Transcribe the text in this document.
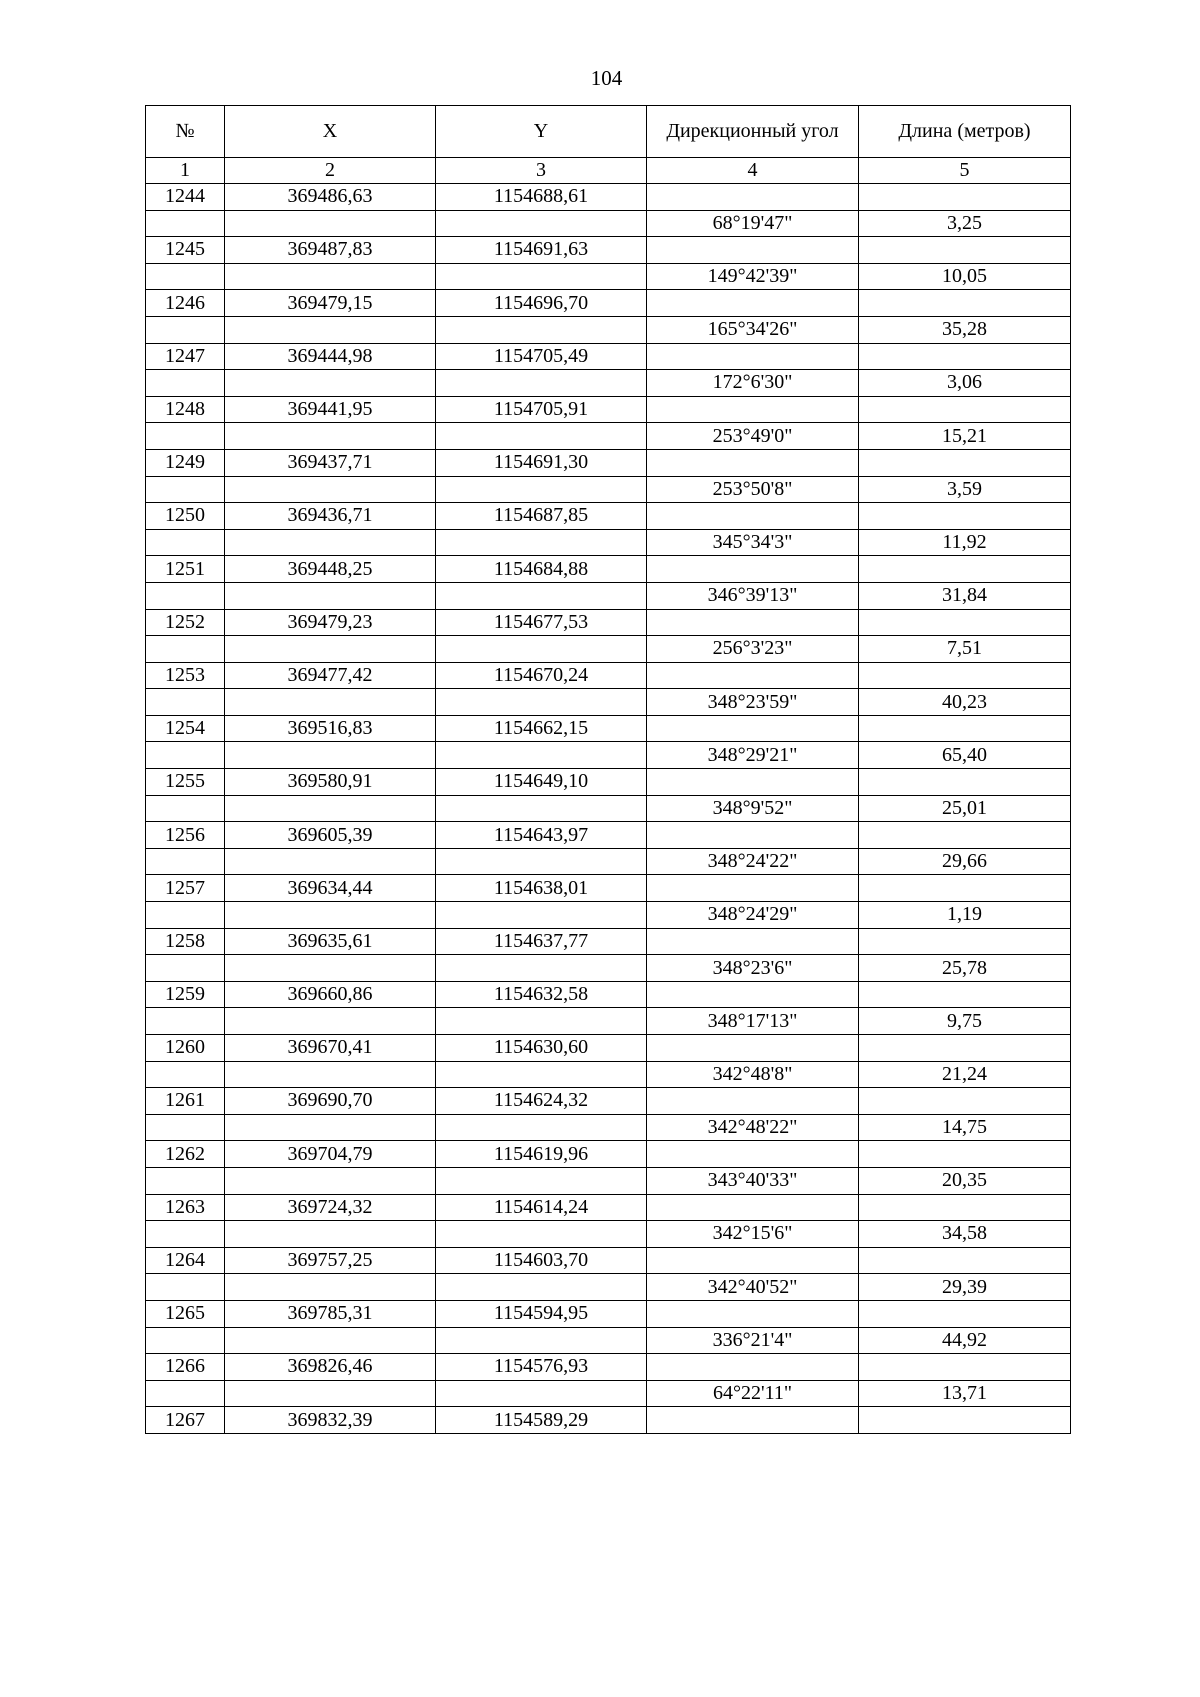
104
№	X	Y	Дирекционный угол	Длина (метров)
1	2	3	4	5
1244	369486,63	1154688,61		
			68°19'47"	3,25
1245	369487,83	1154691,63		
			149°42'39"	10,05
1246	369479,15	1154696,70		
			165°34'26"	35,28
1247	369444,98	1154705,49		
			172°6'30"	3,06
1248	369441,95	1154705,91		
			253°49'0"	15,21
1249	369437,71	1154691,30		
			253°50'8"	3,59
1250	369436,71	1154687,85		
			345°34'3"	11,92
1251	369448,25	1154684,88		
			346°39'13"	31,84
1252	369479,23	1154677,53		
			256°3'23"	7,51
1253	369477,42	1154670,24		
			348°23'59"	40,23
1254	369516,83	1154662,15		
			348°29'21"	65,40
1255	369580,91	1154649,10		
			348°9'52"	25,01
1256	369605,39	1154643,97		
			348°24'22"	29,66
1257	369634,44	1154638,01		
			348°24'29"	1,19
1258	369635,61	1154637,77		
			348°23'6"	25,78
1259	369660,86	1154632,58		
			348°17'13"	9,75
1260	369670,41	1154630,60		
			342°48'8"	21,24
1261	369690,70	1154624,32		
			342°48'22"	14,75
1262	369704,79	1154619,96		
			343°40'33"	20,35
1263	369724,32	1154614,24		
			342°15'6"	34,58
1264	369757,25	1154603,70		
			342°40'52"	29,39
1265	369785,31	1154594,95		
			336°21'4"	44,92
1266	369826,46	1154576,93		
			64°22'11"	13,71
1267	369832,39	1154589,29		
